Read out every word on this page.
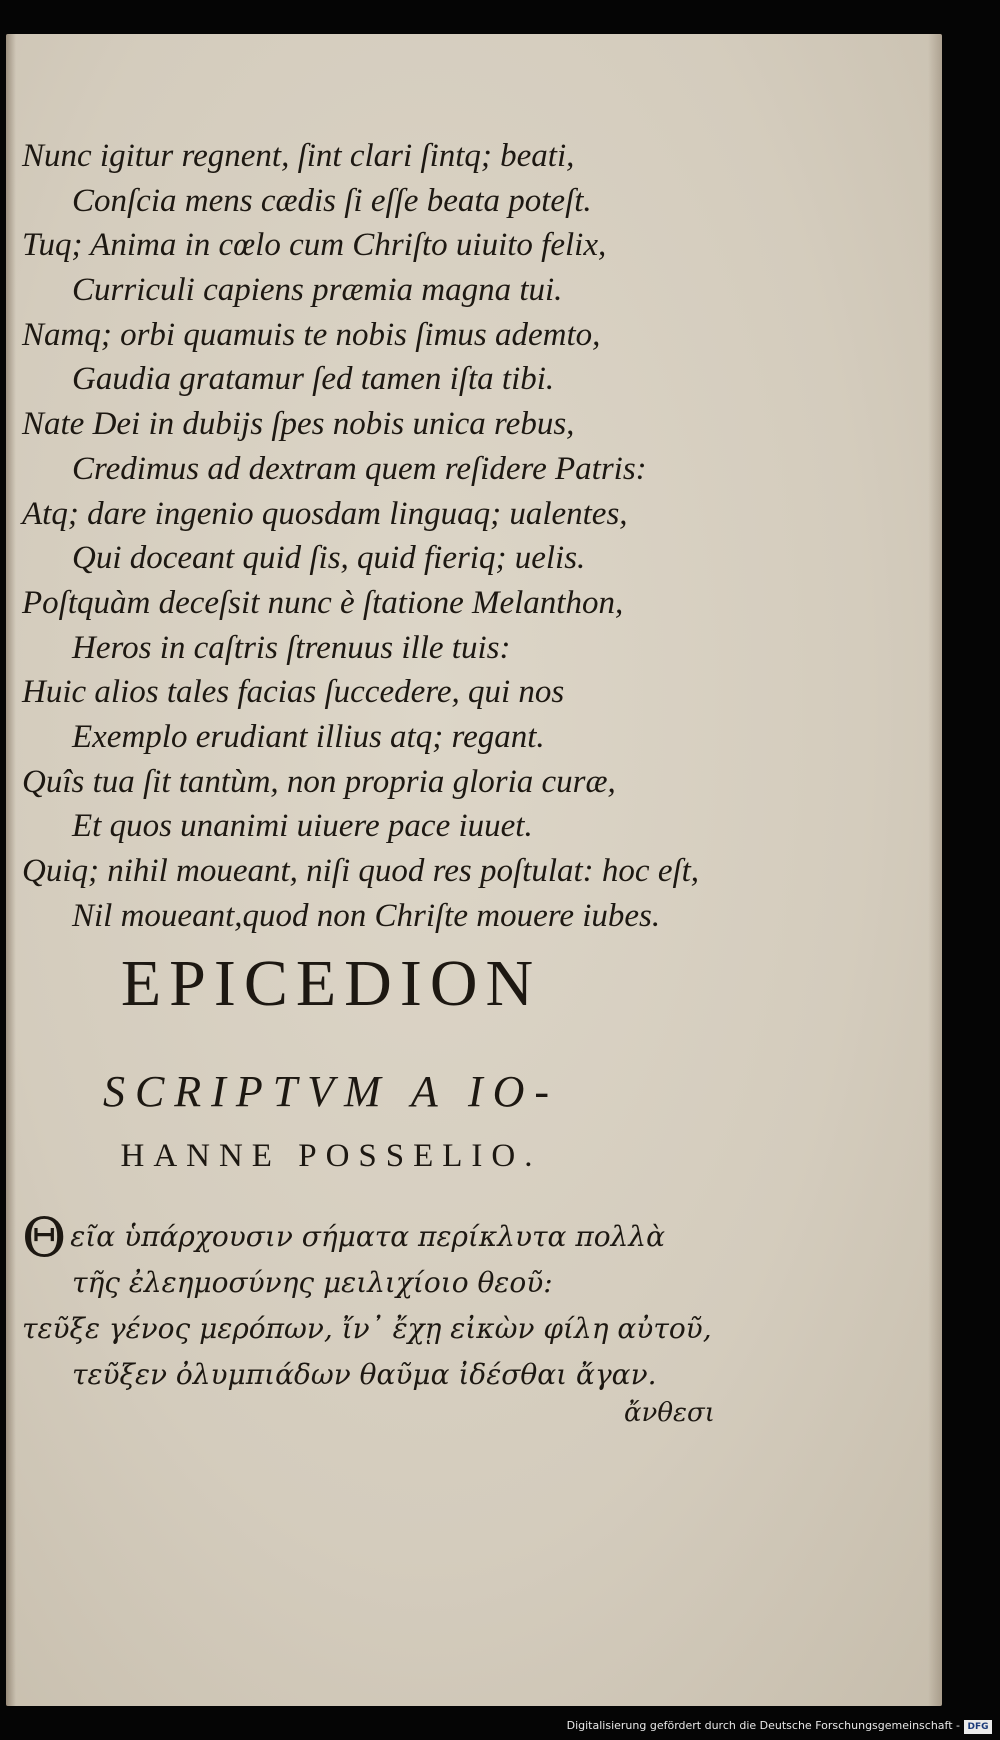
Nunc igitur regnent, ſint clari ſintq; beati,
Conſcia mens cædis ſi eſſe beata poteſt.
Tuq; Anima in cœlo cum Chriſto uiuito felix,
Curriculi capiens præmia magna tui.
Namq; orbi quamuis te nobis ſimus ademto,
Gaudia gratamur ſed tamen iſta tibi.
Nate Dei in dubijs ſpes nobis unica rebus,
Credimus ad dextram quem reſidere Patris:
Atq; dare ingenio quosdam linguaq; ualentes,
Qui doceant quid ſis, quid fieriq; uelis.
Poſtquàm deceſsit nunc è ſtatione Melanthon,
Heros in caſtris ſtrenuus ille tuis:
Huic alios tales facias ſuccedere, qui nos
Exemplo erudiant illius atq; regant.
Quîs tua ſit tantùm, non propria gloria curæ,
Et quos unanimi uiuere pace iuuet.
Quiq; nihil moueant, niſi quod res poſtulat: hoc eſt,
Nil moueant,quod non Chriſte mouere iubes.
EPICEDION
SCRIPTVM A IO-
HANNE POSSELIO.
Θεῖα ὑπάρχουσιν σήματα περίκλυτα πολλὰ
τῆς ἐλεημοσύνης μειλιχίοιο θεοῦ:
τεῦξε γένος μερόπων, ἴν᾽ ἔχῃ εἰκὼν φίλη αὐτοῦ,
τεῦξεν ὀλυμπιάδων θαῦμα ἰδέσθαι ἄγαν.
ἄνθεσι
Digitalisierung gefördert durch die Deutsche Forschungsgemeinschaft - DFG
